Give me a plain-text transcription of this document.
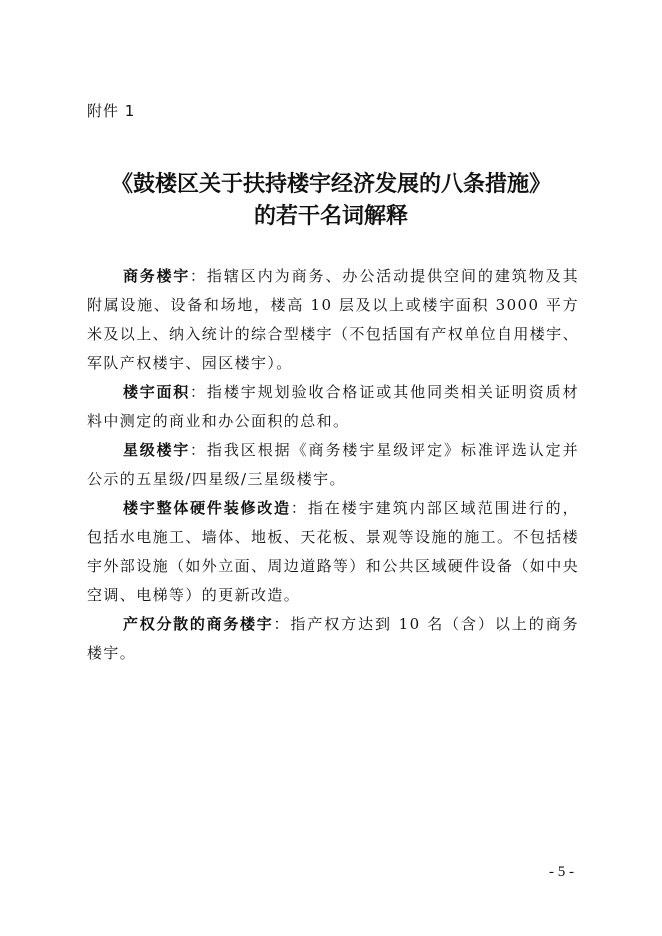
附件 1
《鼓楼区关于扶持楼宇经济发展的八条措施》
的若干名词解释

商务楼宇：指辖区内为商务、办公活动提供空间的建筑物及其附属设施、设备和场地，楼高 10 层及以上或楼宇面积 3000 平方米及以上、纳入统计的综合型楼宇（不包括国有产权单位自用楼宇、军队产权楼宇、园区楼宇）。

楼宇面积：指楼宇规划验收合格证或其他同类相关证明资质材料中测定的商业和办公面积的总和。

星级楼宇：指我区根据《商务楼宇星级评定》标准评选认定并公示的五星级/四星级/三星级楼宇。

楼宇整体硬件装修改造：指在楼宇建筑内部区域范围进行的，包括水电施工、墙体、地板、天花板、景观等设施的施工。不包括楼宇外部设施（如外立面、周边道路等）和公共区域硬件设备（如中央空调、电梯等）的更新改造。

产权分散的商务楼宇：指产权方达到 10 名（含）以上的商务楼宇。

- 5 -
